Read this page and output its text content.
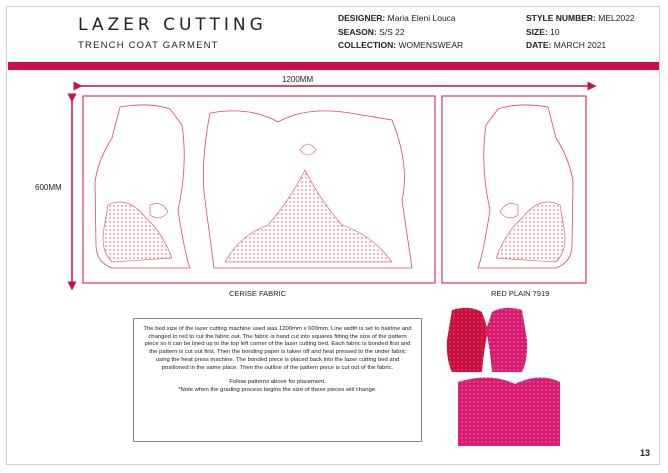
LAZER CUTTING
TRENCH COAT GARMENT
DESIGNER: Maria Eleni Louca
SEASON: S/S 22
COLLECTION: WOMENSWEAR
STYLE NUMBER: MEL2022
SIZE: 10
DATE: MARCH 2021
1200MM
600MM
CERISE FABRIC	RED PLAIN 7919

The bed size of the lazer cutting machine used was 1200mm x 600mm. Line width is set to hairline and changed to red to cut the fabric out. The fabric is hand cut into squares fitting the size of the pattern piece so it can be lined up to the top left corner of the lazer cutting bed. Each fabric is bonded first and the pattern is cut out first. Then the bonding paper is taken off and heat pressed to the under fabric using the heat press machine. The bonded piece is placed back into the lazer cutting bed and positioned in the same place. Then the outline of the pattern piece is cut out of the fabric.

Follow patterns above for placement.
*Note when the grading process begins the size of these pieces will change.

13
